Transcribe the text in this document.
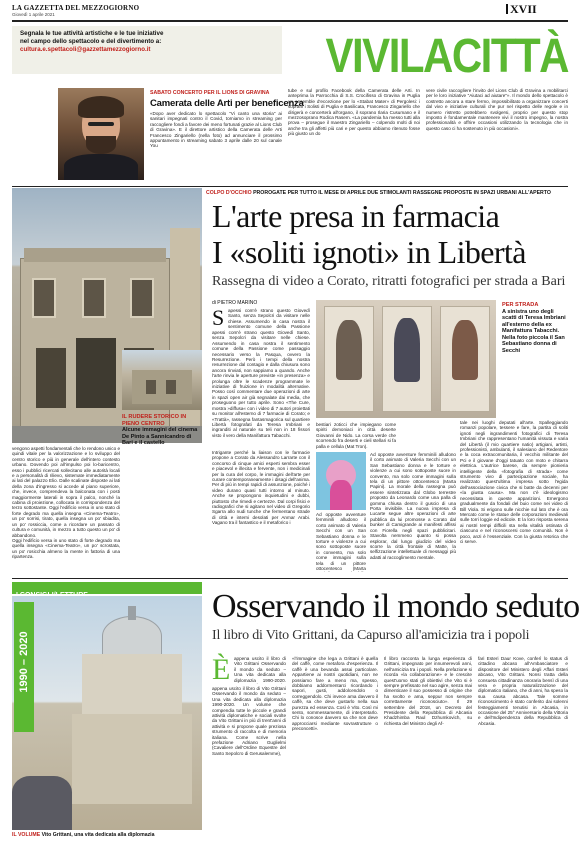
LA GAZZETTA DEL MEZZOGIORNO
Giovedì 1 aprile 2021	XVII
Segnala le tue attività artistiche e le tue iniziative
nel campo dello spettacolo e del divertimento a:
cultura.e.spettacoli@gazzettamezzogiorno.it	VIVILACITTÀ
SABATO CONCERTO PER IL LIONS DI GRAVINA
Camerata delle Arti per beneficenza
«Dopo aver dedicato lo spettacolo "Vi canto una storia" ai sanitari impegnati contro il Covid, torniamo in streaming per raccogliere fondi a favore dei meno fortunati grazie al Lions Club di Gravina». E il direttore artistico della Camerata delle Arti Francesco Zingariello (nella foto) ad annunciare il prossimo appuntamento in streaming sabato 3 aprile dalle 20 sul canale You
tube e sul profilo Facebook della Camerata delle Arti. In anteprima la Parrocchia di S.S. Crocifisso di Gravina in Puglia un ensemble d'eccezione per lo «Stabat Mater» di Pergolesi: i soprani i Solisti di Puglia e Basilicata, Francesco Zingariello che dirigerà e concerterà all'organo, il soprano Ilaria Cusumano e il mezzosoprano Rodica Rasem. «La pandemia ha messo tutti alla prova – prosegue il maestro Zingariello – colpendo molti di noi anche tra gli affetti più cari e per questo abbiamo ritenuto fosse più giusto un do
vere civile raccogliere l'invito del Lions Club di Gravina a mobilitarci per le loro iniziative "Aiutaci ad aiutare"». Il mondo dello spettacolo è costretto ancora a stare fermo, impossibilitato a organizzare concerti dal vivo e iniziative culturali che pur nel rispetto delle regole e in numero ristretto potrebbero svolgersi, proprio per questo stop imposto è fondamentale mantenere vivi il nostro impegno, la nostra professionalità e offrire occasioni utilizzando la tecnologia che in questo caso ci ha sostenuto in più occasioni».
COLPO D'OCCHIO PROROGATE PER TUTTO IL MESE DI APRILE DUE STIMOLANTI RASSEGNE PROPOSTE IN SPAZI URBANI ALL'APERTO
vengono aspetti fondamentali che lo rendono unico e quindi vitale per la valorizzazione e lo sviluppo del centro storico e più in generale dell'intero contesto urbano. Dovendo poi all'impulso poi lo-baricentro, esso i pubblici ricercati sollecitano alle autorità locali e a personalità di rilievo, sistemate immediatamente ai lati del palazzo Elio. Dalle scalinate disposte ai lati della zona d'ingresso si accede al piano superiore, che, invece, comprendeva la balconata con i posti maggiormente laterali in sopra il palco, nonché la cabina di proiezione, collocata in corrispondenza del terzo sottostante. Oggi l'edificio versa in uno stato di forte degrado ma quella insegna «Cinema-Teatro», un po' sorrisi, tirato, quella insegna un po' sbiadita, un po' rossiccia, come a ricordare un passato di cultura e comunità, in mezzo a tutto questo un po' di abbandono.
Oggi l'edificio versa in uno stato di forte degrado ma quella insegna «Cinema-Teatro», un po' scrostata, un po' rosicchia almeno la mente in fattoria di una ripartenza.
IL RUDERE STORICO IN PIENO CENTRO
Alcune immagini del cinema De Pinto a Sannicandro di Bari e il castello
L'arte presa in farmacia
I «soliti ignoti» in Libertà
Rassegna di video a Corato, ritratti fotografici per strada a Bari
di PIETRO MARINO
S apessi com'è strano questo Giovedì Santo, senza Sepolcri da visitare nelle chiese. Assumendo in casa nostra il sentimento comune della Passione
apessi com'è strano questo Giovedì Santo, senza Sepolcri da visitare nelle chiese. Assumendo in casa nostra il sentimento comune della Passione come passaggio necessario verso la Pasqua, ovvero la Resurrezione. Però i tempi della nostra resurrezione dal contagio e dalla chiusura sono ancora rinviati, non sappiamo a quando. Anche l'arte rinvia le aperture previste «in presenza» e prolunga oltre le scadenze programmate le iniziative di fruizione in modalità alternative. Posso così commentare due operazioni di arte in spazi open air già segnalate dai media, che proseguono per tutto aprile. Sono «The Cure, mostra »diffusa« con i video di 7 autori proiettati su monitor all'esterno di 7 farmacie di Corato; e «Trattà», rassegna fantasmagorica sul quartiere Libertà fotografati da Teresa Imbriani e ingranditi al naturale su teli non in 18 fissori visto il vero della Manifattura Tabacchi.
Intrigante perché la liaison con le farmacie propone a Corato da Alessandro Larrarte con il concorso di cinque amici esperti sembra esser e piacevol e illecita e fervente, non i medicinali per la cura del corpo, le immagini dell'arte per curare contemporaneamente i disagi dell'anima. Per di più in tempi rapidi di assunzione, poiché i video durano quasi tutti intorno al minuto. Anche se propongono inquietudini e dubbi, piuttosto che rimedi e certezze. Dal corpi fisici e radiografici che si agitano nel video di Gregorio Sgarra allo nudi tunche che fermentano strade di città e interni desolati per Anmar Arabi. Vagano tra il fantastico e il metaforico i
PER STRADA
A sinistra uno degli scatti di Teresa Imbriani all'esterno della ex Manifattura Tabacchi. Nella foto piccola il San Sebastiano donna di Secchi
bestiari zoticci che impiegano come spiriti demoniaci in città deserte Giovanni de Nido. La corsa verde che scorrendo fra deserti e cieli stellari si fa palla e cellula (Mat Tron).
Ad opposte avventure femminili alludono il corto animato di Valeria Secchi con un San Sebastiano donna e le torture e violenze a cui sono sottoposte suore in convento, ma solo come immagini sulla tela di un pittore ottocentesco (Marta Papini). La morale della rassegna può essere sintetizzata dal Globo terrestre proposto da Leonardo come una palla di gomma chiusa dentro il guscio di una Porta invisibile. La nuova impresa di Lucarte segue altre operazioni di arte pubblica da lui promosse a Corato dal bunker di Camigrande ai manifesti affissi con Fiorella negli spazi pubblicitari. Stavolta nemmeno quanto si possa esplorar, dal lungo giudizio del video scorre la città frontale di Matte, la selfizzazione intellettuale di messaggi più adatti al raccoglimento mentale.
Ad opposte avventure femminili alludono il corto animato di Valeria Secchi con un San Sebastiano donna e le torture e violenze a cui sono sottoposte suore in convento, ma solo come immagini sulla tela di un pittore ottocentesco (Marta
tale nei luoghi deputati all'arte. Spalleggiando romanzi popolare, tessere e fare, la partita di soliti ignoti negli ingrandimenti fotografici di Teresa Imbriani che rappresentano l'umanità vissuta e varia del Libertà (il mio quartiere natio) artigiani, artisti, professionisti, ambulanti, il salesiano del Redentore e la coca extracomunitaria, il vecchio militante del Pci e il giovane d'oggi tatuato con moto e chitarra elettrica. L'autrice barese, da sempre pionieria intelligente della «fotografia di strada» come strumento vivo di partecipazione sociale, ha realizzato quest'ultima impresa sotto l'egida dell'associazione civica che si batte da decenni per «la giusta causa». Ma non c'è ideologismo necessitata in queste apparizioni. Emergono gradualmente da fondali del buio come nei video di Bill Viola. Si erigono sulle nicchie sul lato che è ora Mercato come le statue delle corporazioni medievali sulle torri loggie ed edicole. E la loro risposta serena ai nostri tempi difficili sta nella vitalità ostinata di ciascuno e nel riconoscersi come comunità. Non è poco, anzi è l'essenziale. Con la giusta retorica che ci serve.
1990 – 2020
IL VOLUME Vito Grittani, una vita dedicata alla diplomazia
Osservando il mondo seduto
Il libro di Vito Grittani, da Capurso all'amicizia tra i popoli
È appena uscito il libro di Vito Grittani Osservando il mondo da seduto – Una vita dedicata alla diplomazia 1990-2020.
appena uscito il libro di Vito Grittani Osservando il mondo da seduto – Una vita dedicata alla diplomazia 1990-2020. Un volume che compendia tutte le piccole e grandi attività diplomatiche e sociali svolte da Vito Grittani in più di trent'anni di attività e si propone quale preziosa strumento di raccolta e di memoria italiana. Come scrive nella prefazione Adriano Guglielmi (Cavaliere dell'Ordine Equestre del Santo Sepolcro di Gerusalemme),
«l'immagine che lega a Grittani è quella del caffè, come metafora d'esperienza. Il caffè è una bevanda assai particolare. Appartiene ai nostri quotidiani, non ne possiamo fare a meno ma, spesso, dobbiamo addormentarci ricordando i sapori, gusti, addolcendolo o correggendolo. Chi invece ama davvero il caffè, sa che deve gustarlo nella sua purezza ed essenza. Così è Vito. Così mi sento, sommessamente, di interpretarlo. Chi lo conosce davvero sa che non deve approcciarsi mediante sovrastrutture o preconcetti».
Il libro racconta la lunga esperienza di Grittani, impegnato per innumerevoli anni, nell'amicizia tra i popoli. Nella prefazione si ricorda «la collaborazione» e le crescite quest'uomo stati gli obiettivi che Vito si è sempre prefissato nel suo agire, senza mai dimenticare il suo possesso di origine che ha svolto e ama, seppur non sempre correttamente riconosciuto». Il 29 settembre del 2018, un Decreto del Presidente della Repubblica di Abcasia Khadzhimba Raul Dzhumkovich, su richiesta del Ministro degli Af-
fari Esteri Daur Kove, conferì lo status di cittadino abcaso all'Ambasciatore e dispositore del Ministero degli Affari Esteri abcaso, Vito Grittani. Nonsi tratta della consueta cittadinanza onoraria bensì di una vera e propria naturalizzazione del diplomatico italiano, che di anni, ha speso la sua causa abcasa. Tale somme riconoscimento è stato conferito dai solenni festeggiamenti tenutisi in Abcasia, in occasione del 25° Anniversario della Vittoria e dell'Indipendenza della Repubblica di Abcasia.
